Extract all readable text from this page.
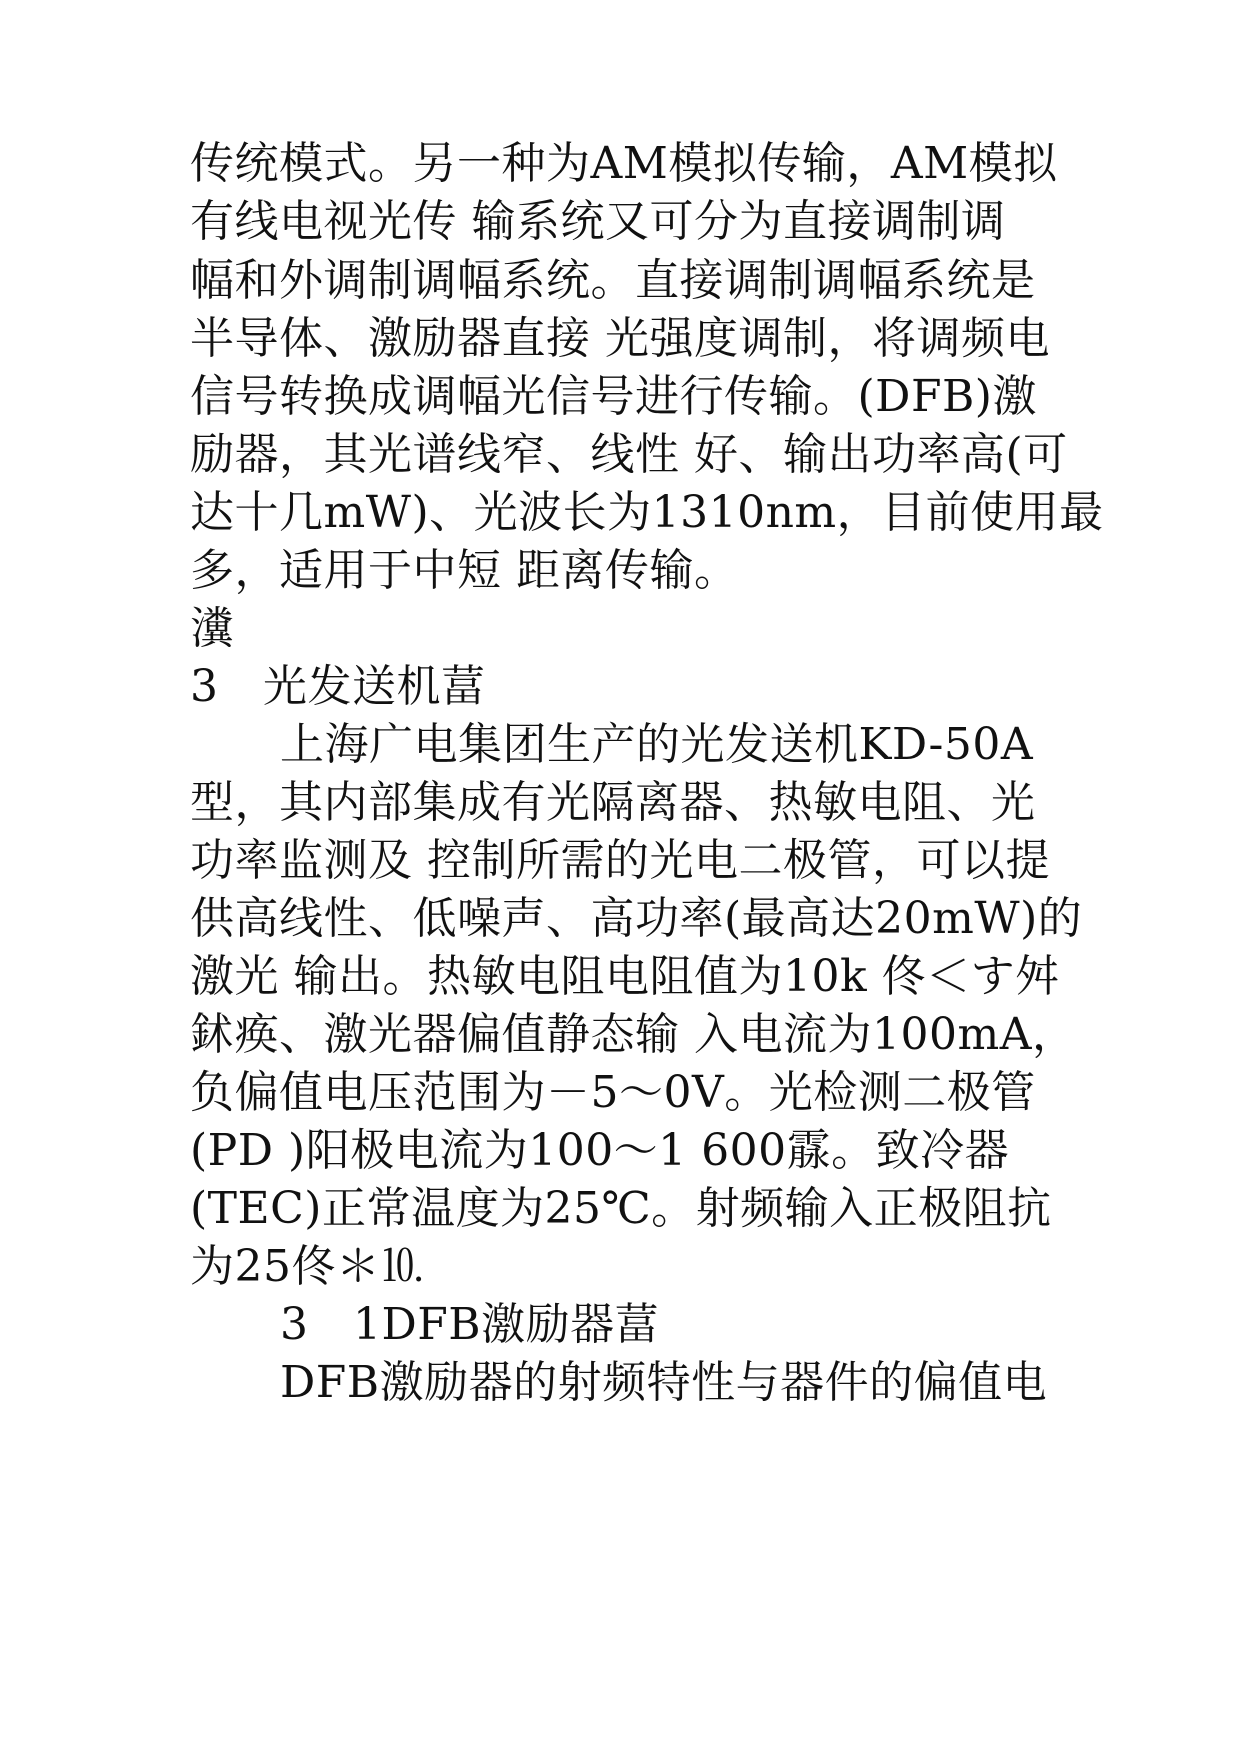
传统模式。另一种为AM模拟传输，AM模拟
有线电视光传 输系统又可分为直接调制调
幅和外调制调幅系统。直接调制调幅系统是
半导体、激励器直接 光强度调制，将调频电
信号转换成调幅光信号进行传输。(DFB)激
励器，其光谱线窄、线性 好、输出功率高(可
达十几mW)、光波长为1310nm，目前使用最
多，适用于中短 距离传输。
瀵
3　光发送机葍
上海广电集团生产的光发送机KD-50A
型，其内部集成有光隔离器、热敏电阻、光
功率监测及 控制所需的光电二极管，可以提
供高线性、低噪声、高功率(最高达20mW)的
激光 输出。热敏电阻电阻值为10k 佟＜す舛
鉥痪、激光器偏值静态输 入电流为100mA，
负偏值电压范围为－5～0V。光检测二极管
(PD )阳极电流为100～1 600霡。致冷器
(TEC)正常温度为25℃。射频输入正极阻抗
为25佟＊⒑
3　1DFB激励器葍
DFB激励器的射频特性与器件的偏值电
